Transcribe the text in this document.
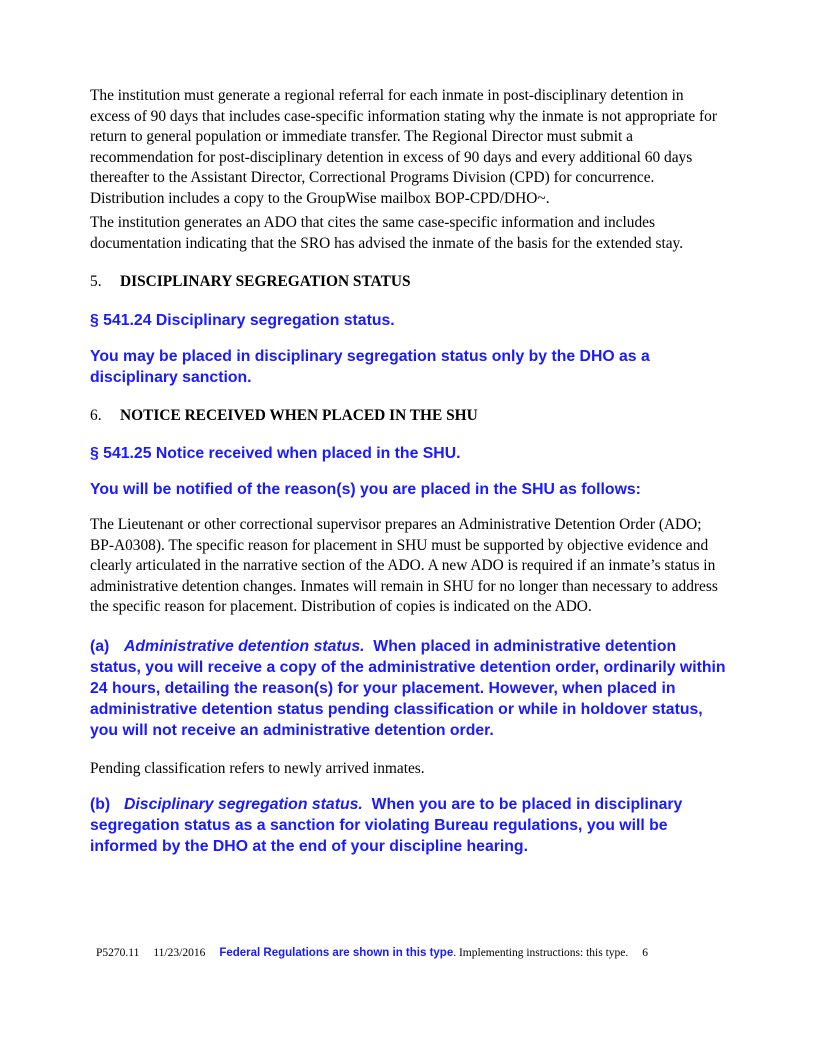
The institution must generate a regional referral for each inmate in post-disciplinary detention in excess of 90 days that includes case-specific information stating why the inmate is not appropriate for return to general population or immediate transfer. The Regional Director must submit a recommendation for post-disciplinary detention in excess of 90 days and every additional 60 days thereafter to the Assistant Director, Correctional Programs Division (CPD) for concurrence. Distribution includes a copy to the GroupWise mailbox BOP-CPD/DHO~.

The institution generates an ADO that cites the same case-specific information and includes documentation indicating that the SRO has advised the inmate of the basis for the extended stay.

5. DISCIPLINARY SEGREGATION STATUS

§ 541.24 Disciplinary segregation status.

You may be placed in disciplinary segregation status only by the DHO as a disciplinary sanction.

6. NOTICE RECEIVED WHEN PLACED IN THE SHU

§ 541.25 Notice received when placed in the SHU.

You will be notified of the reason(s) you are placed in the SHU as follows:

The Lieutenant or other correctional supervisor prepares an Administrative Detention Order (ADO; BP-A0308). The specific reason for placement in SHU must be supported by objective evidence and clearly articulated in the narrative section of the ADO. A new ADO is required if an inmate’s status in administrative detention changes. Inmates will remain in SHU for no longer than necessary to address the specific reason for placement. Distribution of copies is indicated on the ADO.

(a) Administrative detention status. When placed in administrative detention status, you will receive a copy of the administrative detention order, ordinarily within 24 hours, detailing the reason(s) for your placement. However, when placed in administrative detention status pending classification or while in holdover status, you will not receive an administrative detention order.

Pending classification refers to newly arrived inmates.

(b) Disciplinary segregation status. When you are to be placed in disciplinary segregation status as a sanction for violating Bureau regulations, you will be informed by the DHO at the end of your discipline hearing.

P5270.11 11/23/2016 Federal Regulations are shown in this type. Implementing instructions: this type. 6
